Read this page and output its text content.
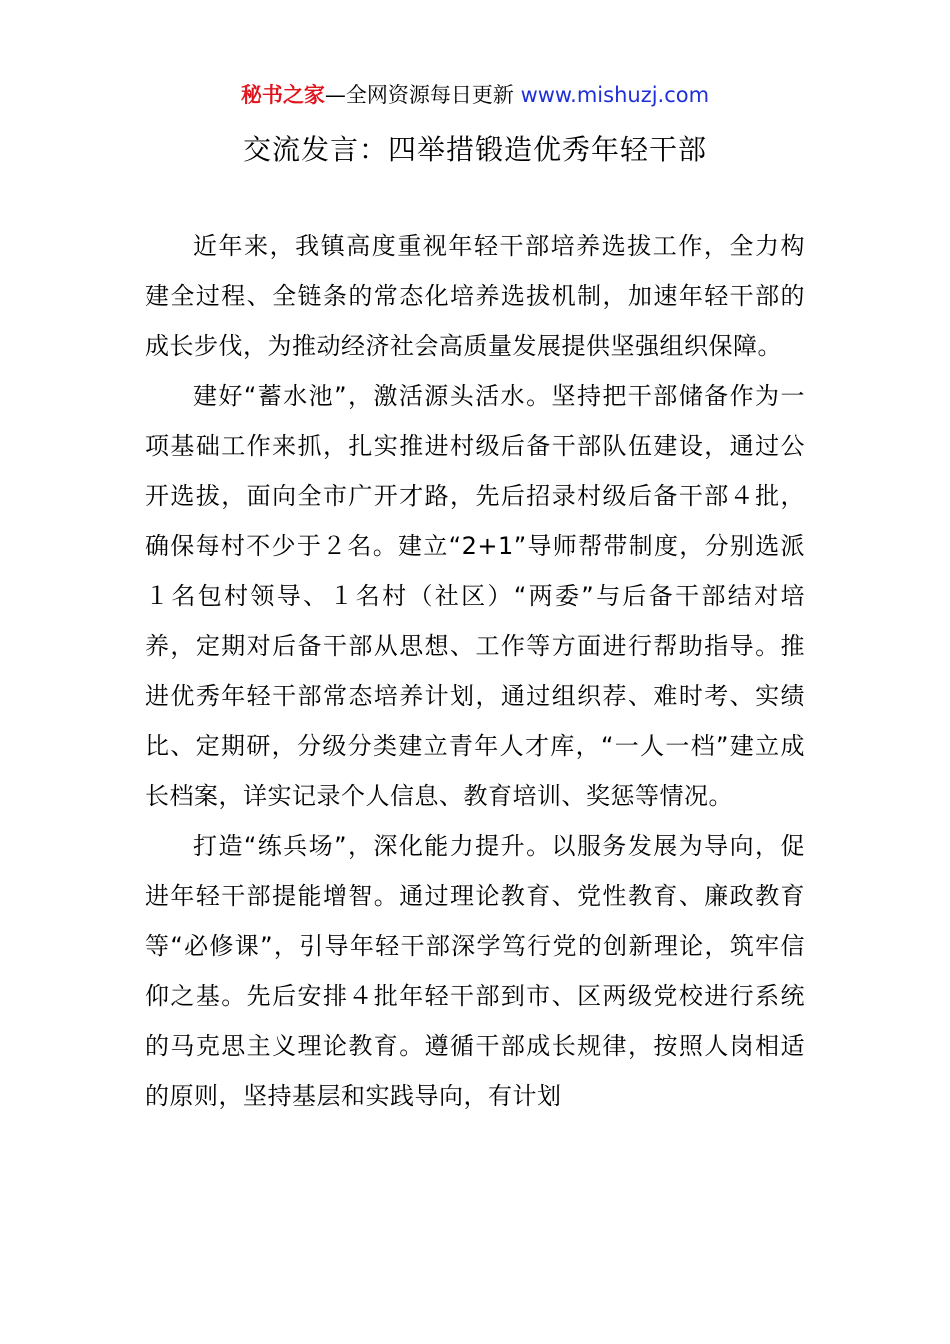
秘书之家—全网资源每日更新 www.mishuzj.com
交流发言：四举措锻造优秀年轻干部

近年来，我镇高度重视年轻干部培养选拔工作，全力构建全过程、全链条的常态化培养选拔机制，加速年轻干部的成长步伐，为推动经济社会高质量发展提供坚强组织保障。

建好“蓄水池”，激活源头活水。坚持把干部储备作为一项基础工作来抓，扎实推进村级后备干部队伍建设，通过公开选拔，面向全市广开才路，先后招录村级后备干部４批，确保每村不少于２名。建立“2+1”导师帮带制度，分别选派１名包村领导、１名村（社区）“两委”与后备干部结对培养，定期对后备干部从思想、工作等方面进行帮助指导。推进优秀年轻干部常态培养计划，通过组织荐、难时考、实绩比、定期研，分级分类建立青年人才库，“一人一档”建立成长档案，详实记录个人信息、教育培训、奖惩等情况。

打造“练兵场”，深化能力提升。以服务发展为导向，促进年轻干部提能增智。通过理论教育、党性教育、廉政教育等“必修课”，引导年轻干部深学笃行党的创新理论，筑牢信仰之基。先后安排４批年轻干部到市、区两级党校进行系统的马克思主义理论教育。遵循干部成长规律，按照人岗相适的原则，坚持基层和实践导向，有计划
